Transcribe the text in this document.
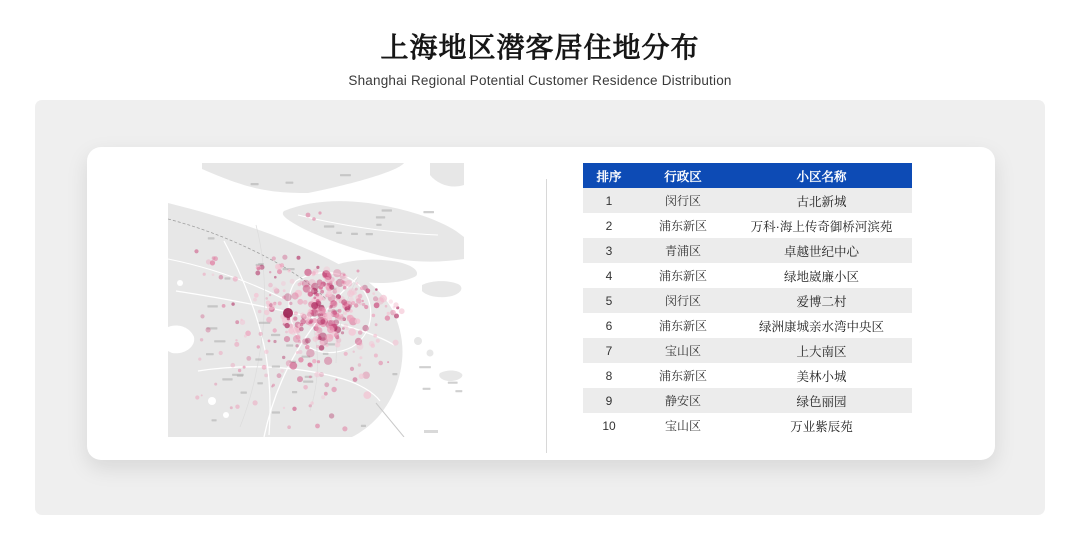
上海地区潜客居住地分布

Shanghai Regional Potential Customer Residence Distribution

排序	行政区	小区名称
1	闵行区	古北新城
2	浦东新区	万科·海上传奇御桥河滨苑
3	青浦区	卓越世纪中心
4	浦东新区	绿地崴廉小区
5	闵行区	爱博二村
6	浦东新区	绿洲康城亲水湾中央区
7	宝山区	上大南区
8	浦东新区	美林小城
9	静安区	绿色丽园
10	宝山区	万业紫辰苑
